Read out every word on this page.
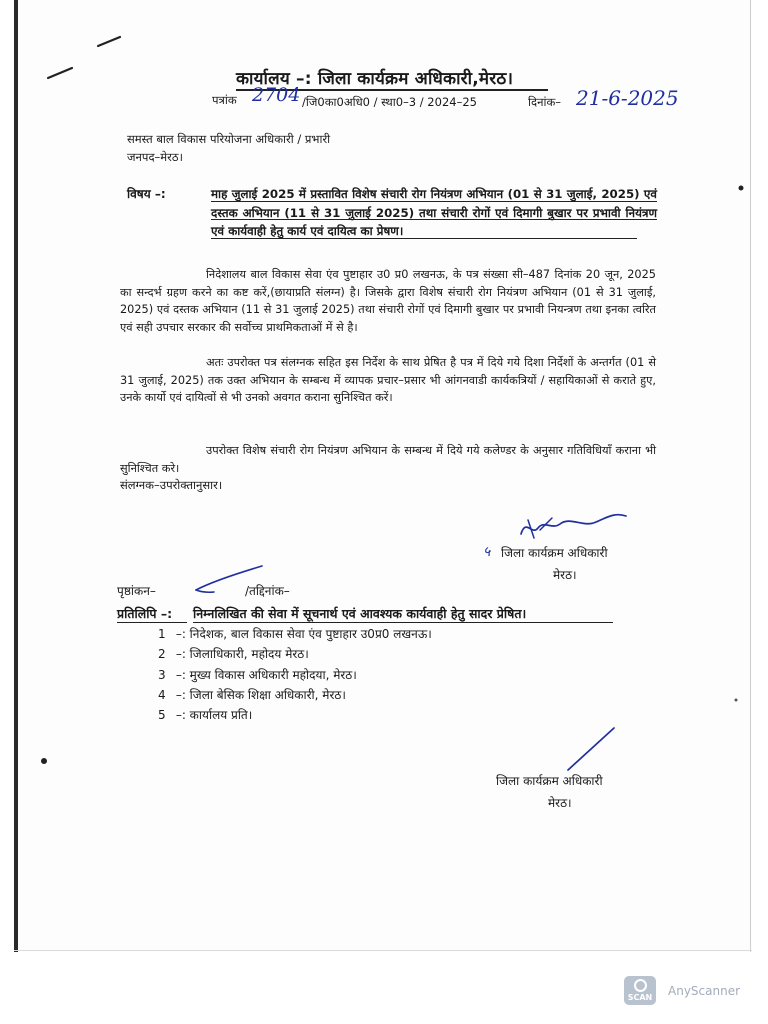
कार्यालय –: जिला कार्यक्रम अधिकारी,मेरठ।
पत्रांक 2704 /जि0का0अधि0 / स्था0–3 / 2024–25	दिनांक– 21-6-2025
समस्त बाल विकास परियोजना अधिकारी / प्रभारी
जनपद–मेरठ।
विषय –:	माह जुलाई 2025 में प्रस्तावित विशेष संचारी रोग नियंत्रण अभियान (01 से 31 जुलाई, 2025) एवं दस्तक अभियान (11 से 31 जुलाई 2025) तथा संचारी रोगों एवं दिमागी बुखार पर प्रभावी नियंत्रण एवं कार्यवाही हेतु कार्य एवं दायित्व का प्रेषण।
निदेशालय बाल विकास सेवा एंव पुष्टाहार उ0 प्र0 लखनऊ, के पत्र संख्सा सी–487 दिनांक 20 जून, 2025 का सन्दर्भ ग्रहण करने का कष्ट करें,(छायाप्रति संलग्न) है। जिसके द्वारा विशेष संचारी रोग नियंत्रण अभियान (01 से 31 जुलाई, 2025) एवं दस्तक अभियान (11 से 31 जुलाई 2025) तथा संचारी रोगों एवं दिमागी बुखार पर प्रभावी नियन्त्रण तथा इनका त्वरित एवं सही उपचार सरकार की सर्वोच्च प्राथमिकताओं में से है।
अतः उपरोक्त पत्र संलग्नक सहित इस निर्देश के साथ प्रेषित है पत्र में दिये गये दिशा निर्देशों के अन्तर्गत (01 से 31 जुलाई, 2025) तक उक्त अभियान के सम्बन्ध में व्यापक प्रचार–प्रसार भी आंगनवाडी कार्यकत्रियों / सहायिकाओं से कराते हुए, उनके कार्यो एवं दायित्वों से भी उनको अवगत कराना सुनिश्चित करें।
उपरोक्त विशेष संचारी रोग नियंत्रण अभियान के सम्बन्ध में दिये गये कलेण्डर के अनुसार गतिविधियाँ कराना भी सुनिश्चित करे।
संलग्नक–उपरोक्तानुसार।
५ जिला कार्यक्रम अधिकारी
मेरठ।
पृष्ठांकन–	/तद्दिनांक–
प्रतिलिपि –: निम्नलिखित की सेवा में सूचनार्थ एवं आवश्यक कार्यवाही हेतु सादर प्रेषित।
1 –: निदेशक, बाल विकास सेवा एंव पुष्टाहार उ0प्र0 लखनऊ।
2 –: जिलाधिकारी, महोदय मेरठ।
3 –: मुख्य विकास अधिकारी महोदया, मेरठ।
4 –: जिला बेसिक शिक्षा अधिकारी, मेरठ।
5 –: कार्यालय प्रति।
जिला कार्यक्रम अधिकारी
मेरठ।
SCAN AnyScanner
